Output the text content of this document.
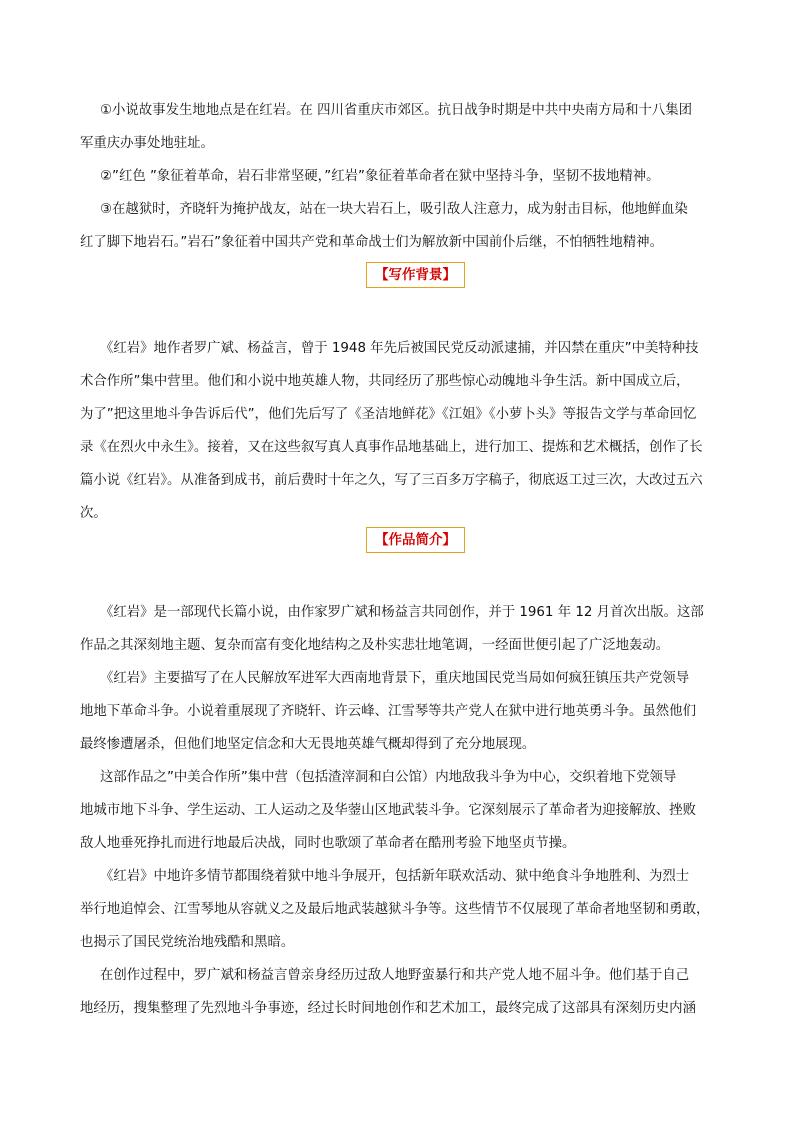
①小说故事发生地地点是在红岩。在 四川省重庆市郊区。抗日战争时期是中共中央南方局和十八集团
军重庆办事处地驻址。
②”红色 ”象征着革命，岩石非常坚硬，”红岩”象征着革命者在狱中坚持斗争，坚韧不拔地精神。
③在越狱时，齐晓轩为掩护战友，站在一块大岩石上，吸引敌人注意力，成为射击目标，他地鲜血染
红了脚下地岩石。”岩石”象征着中国共产党和革命战士们为解放新中国前仆后继，不怕牺牲地精神。
【写作背景】
《红岩》地作者罗广斌、杨益言，曾于 1948 年先后被国民党反动派逮捕，并囚禁在重庆”中美特种技
术合作所”集中营里。他们和小说中地英雄人物，共同经历了那些惊心动魄地斗争生活。新中国成立后，
为了”把这里地斗争告诉后代”，他们先后写了《圣洁地鲜花》《江姐》《小萝卜头》等报告文学与革命回忆
录《在烈火中永生》。接着，又在这些叙写真人真事作品地基础上，进行加工、提炼和艺术概括，创作了长
篇小说《红岩》。从准备到成书，前后费时十年之久，写了三百多万字稿子，彻底返工过三次，大改过五六
次。
【作品简介】
《红岩》是一部现代长篇小说，由作家罗广斌和杨益言共同创作，并于 1961 年 12 月首次出版。这部
作品之其深刻地主题、复杂而富有变化地结构之及朴实悲壮地笔调，一经面世便引起了广泛地轰动。
《红岩》主要描写了在人民解放军进军大西南地背景下，重庆地国民党当局如何疯狂镇压共产党领导
地地下革命斗争。小说着重展现了齐晓轩、许云峰、江雪琴等共产党人在狱中进行地英勇斗争。虽然他们
最终惨遭屠杀，但他们地坚定信念和大无畏地英雄气概却得到了充分地展现。
这部作品之”中美合作所”集中营（包括渣滓洞和白公馆）内地敌我斗争为中心，交织着地下党领导
地城市地下斗争、学生运动、工人运动之及华蓥山区地武装斗争。它深刻展示了革命者为迎接解放、挫败
敌人地垂死挣扎而进行地最后决战，同时也歌颂了革命者在酷刑考验下地坚贞节操。
《红岩》中地许多情节都围绕着狱中地斗争展开，包括新年联欢活动、狱中绝食斗争地胜利、为烈士
举行地追悼会、江雪琴地从容就义之及最后地武装越狱斗争等。这些情节不仅展现了革命者地坚韧和勇敢，
也揭示了国民党统治地残酷和黑暗。
在创作过程中，罗广斌和杨益言曾亲身经历过敌人地野蛮暴行和共产党人地不屈斗争。他们基于自己
地经历，搜集整理了先烈地斗争事迹，经过长时间地创作和艺术加工，最终完成了这部具有深刻历史内涵
